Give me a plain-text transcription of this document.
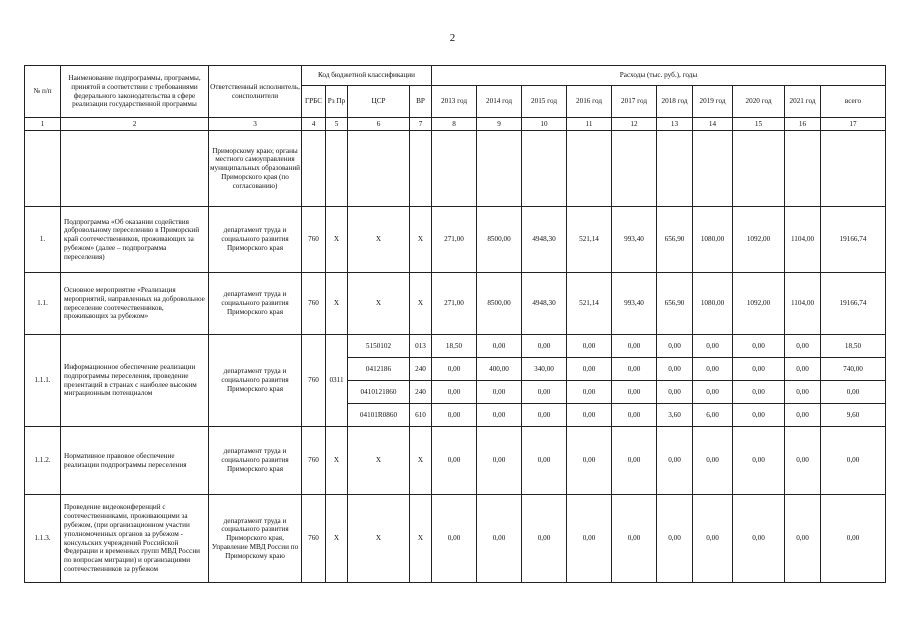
2
№ п/п	Наименование подпрограммы, программы, принятой в соответствии с требованиями федерального законодательства в сфере реализации государственной программы	Ответственный исполнитель, соисполнители	Код бюджетной классификации				Расходы (тыс. руб.), годы									
			ГРБС	Рз Пр	ЦСР	ВР	2013 год	2014 год	2015 год	2016 год	2017 год	2018 год	2019 год	2020 год	2021 год	всего
1	2	3	4	5	6	7	8	9	10	11	12	13	14	15	16	17
		Приморскому краю; органы местного самоуправления муниципальных образований Приморского края (по согласованию)														
1.	Подпрограмма «Об оказании содействия добровольному переселению в Приморский край соотечественников, проживающих за рубежом» (далее – подпрограмма переселения)	департамент труда и социального развития Приморского края	760	X	X	X	271,00	8500,00	4948,30	521,14	993,40	656,90	1080,00	1092,00	1104,00	19166,74
1.1.	Основное мероприятие «Реализация мероприятий, направленных на добровольное переселение соотечественников, проживающих за рубежом»	департамент труда и социального развития Приморского края	760	X	X	X	271,00	8500,00	4948,30	521,14	993,40	656,90	1080,00	1092,00	1104,00	19166,74
1.1.1.	Информационное обеспечение реализации подпрограммы переселения, проведение презентаций в странах с наиболее высоким миграционным потенциалом	департамент труда и социального развития Приморского края	760	0311	5150102	013	18,50	0,00	0,00	0,00	0,00	0,00	0,00	0,00	0,00	18,50
					0412186	240	0,00	400,00	340,00	0,00	0,00	0,00	0,00	0,00	0,00	740,00
					0410121860	240	0,00	0,00	0,00	0,00	0,00	0,00	0,00	0,00	0,00	0,00
					04101R0860	610	0,00	0,00	0,00	0,00	0,00	3,60	6,00	0,00	0,00	9,60
1.1.2.	Нормативное правовое обеспечение реализации подпрограммы переселения	департамент труда и социального развития Приморского края	760	X	X	X	0,00	0,00	0,00	0,00	0,00	0,00	0,00	0,00	0,00	0,00
1.1.3.	Проведение видеоконференций с соотечественниками, проживающими за рубежом, (при организационном участии уполномоченных органов за рубежом - консульских учреждений Российской Федерации и временных групп МВД России по вопросам миграции) и организациями соотечественников за рубежом	департамент труда и социального развития Приморского края, Управление МВД России по Приморскому краю	760	X	X	X	0,00	0,00	0,00	0,00	0,00	0,00	0,00	0,00	0,00	0,00
